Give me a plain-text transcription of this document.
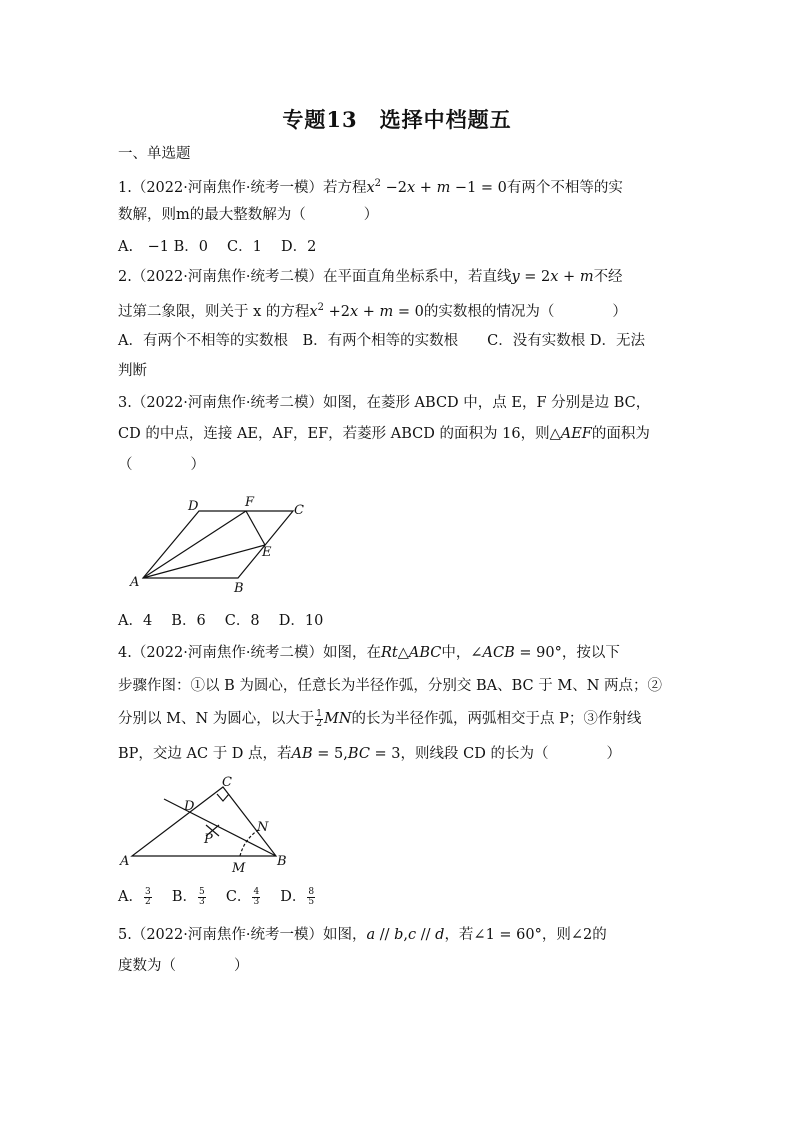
专题13　选择中档题五
一、单选题
1.（2022·河南焦作·统考一模）若方程$x^2 -2x + m -1 = 0$有两个不相等的实
数解，则m的最大整数解为（　　　　）
A.　−1 B．0　 C．1　 D．2
2.（2022·河南焦作·统考二模）在平面直角坐标系中，若直线y = 2x + m不经
过第二象限，则关于 x 的方程$x^2 +2x + m = 0$的实数根的情况为（　　　　）
A．有两个不相等的实数根　B．有两个相等的实数根　　C．没有实数根 D．无法
判断
3.（2022·河南焦作·统考二模）如图，在菱形 ABCD 中，点 E，F 分别是边 BC，
CD 的中点，连接 AE，AF，EF，若菱形 ABCD 的面积为 16，则△AEF的面积为
（　　　　）
A	B
C
D
E
F
A．4　 B．6　 C．8　 D．10
4.（2022·河南焦作·统考二模）如图，在Rt△ABC中，∠ACB = 90°，按以下
步骤作图：①以 B 为圆心，任意长为半径作弧，分别交 BA、BC 于 M、N 两点；②
分别以 M、N 为圆心，以大于 $\frac{1}{2}$ MN的长为半径作弧，两弧相交于点 P；③作射线
BP，交边 AC 于 D 点，若AB = 5,BC = 3，则线段 CD 的长为（　　　　）
A	B
C
D
M
N
P
A． $\frac{3}{2}$
　 B． $\frac{5}{3}$
　 C． $\frac{4}{3}$
　 D． $\frac{8}{5}$
5.（2022·河南焦作·统考一模）如图，a // b,c // d，若∠1 = 60°，则∠2的
度数为（　　　　）
